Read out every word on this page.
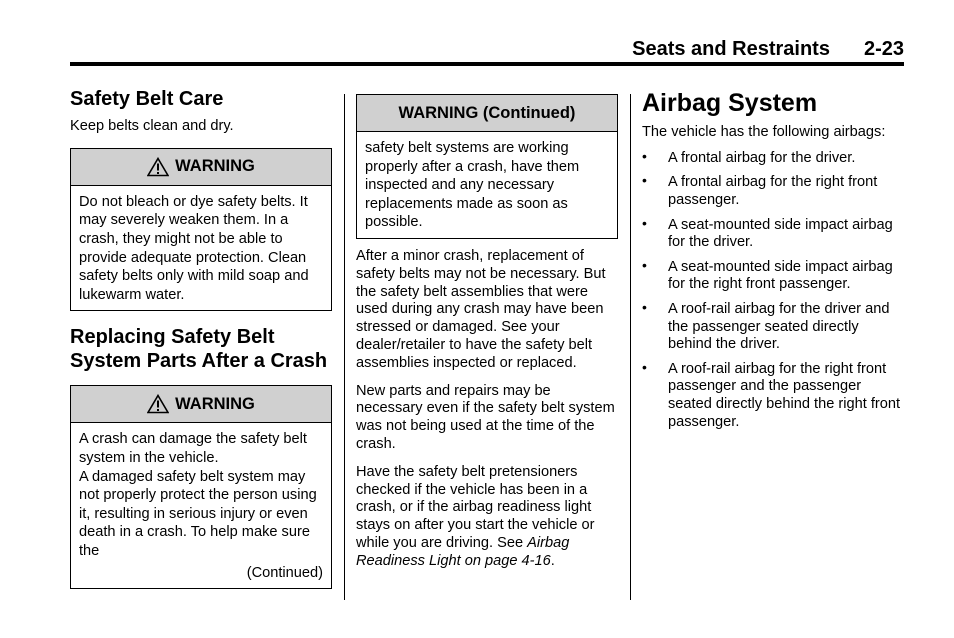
Seats and Restraints 2-23
Safety Belt Care

Keep belts clean and dry.

WARNING

Do not bleach or dye safety belts. It may severely weaken them. In a crash, they might not be able to provide adequate protection. Clean safety belts only with mild soap and lukewarm water.

Replacing Safety Belt System Parts After a Crash
WARNING

A crash can damage the safety belt system in the vehicle.

A damaged safety belt system may not properly protect the person using it, resulting in serious injury or even death in a crash. To help make sure the

(Continued)
WARNING (Continued)

safety belt systems are working properly after a crash, have them inspected and any necessary replacements made as soon as possible.

After a minor crash, replacement of safety belts may not be necessary. But the safety belt assemblies that were used during any crash may have been stressed or damaged. See your dealer/retailer to have the safety belt assemblies inspected or replaced.

New parts and repairs may be necessary even if the safety belt system was not being used at the time of the crash.

Have the safety belt pretensioners checked if the vehicle has been in a crash, or if the airbag readiness light stays on after you start the vehicle or while you are driving. See Airbag Readiness Light on page 4-16.

Airbag System

The vehicle has the following airbags:

• A frontal airbag for the driver.
• A frontal airbag for the right front passenger.
• A seat-mounted side impact airbag for the driver.
• A seat-mounted side impact airbag for the right front passenger.
• A roof-rail airbag for the driver and the passenger seated directly behind the driver.
• A roof-rail airbag for the right front passenger and the passenger seated directly behind the right front passenger.
